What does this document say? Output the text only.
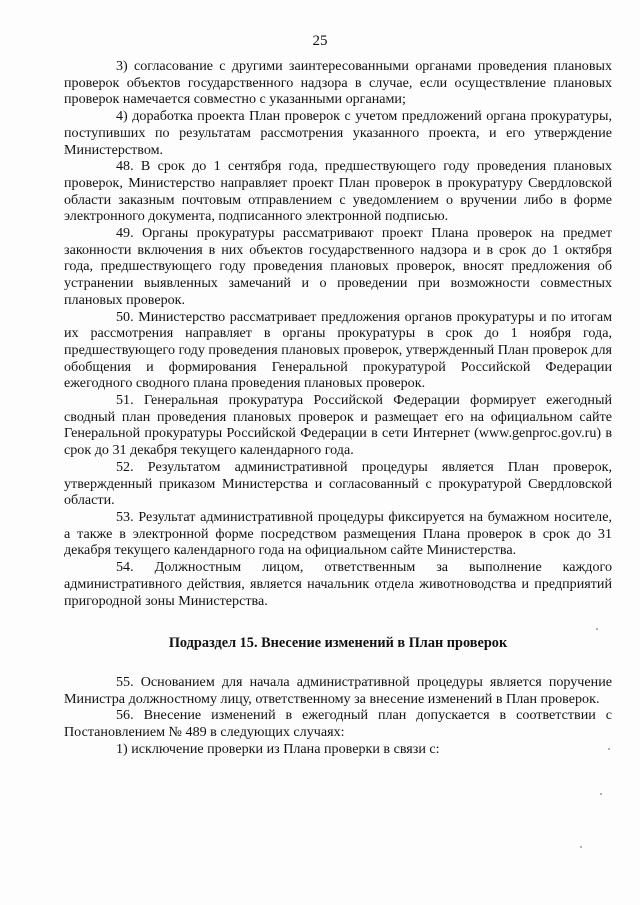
25

3) согласование с другими заинтересованными органами проведения плановых проверок объектов государственного надзора в случае, если осуществление плановых проверок намечается совместно с указанными органами;

4) доработка проекта План проверок с учетом предложений органа прокуратуры, поступивших по результатам рассмотрения указанного проекта, и его утверждение Министерством.

48. В срок до 1 сентября года, предшествующего году проведения плановых проверок, Министерство направляет проект План проверок в прокуратуру Свердловской области заказным почтовым отправлением с уведомлением о вручении либо в форме электронного документа, подписанного электронной подписью.

49. Органы прокуратуры рассматривают проект Плана проверок на предмет законности включения в них объектов государственного надзора и в срок до 1 октября года, предшествующего году проведения плановых проверок, вносят предложения об устранении выявленных замечаний и о проведении при возможности совместных плановых проверок.

50. Министерство рассматривает предложения органов прокуратуры и по итогам их рассмотрения направляет в органы прокуратуры в срок до 1 ноября года, предшествующего году проведения плановых проверок, утвержденный План проверок для обобщения и формирования Генеральной прокуратурой Российской Федерации ежегодного сводного плана проведения плановых проверок.

51. Генеральная прокуратура Российской Федерации формирует ежегодный сводный план проведения плановых проверок и размещает его на официальном сайте Генеральной прокуратуры Российской Федерации в сети Интернет (www.genproc.gov.ru) в срок до 31 декабря текущего календарного года.

52. Результатом административной процедуры является План проверок, утвержденный приказом Министерства и согласованный с прокуратурой Свердловской области.

53. Результат административной процедуры фиксируется на бумажном носителе, а также в электронной форме посредством размещения Плана проверок в срок до 31 декабря текущего календарного года на официальном сайте Министерства.

54. Должностным лицом, ответственным за выполнение каждого административного действия, является начальник отдела животноводства и предприятий пригородной зоны Министерства.

Подраздел 15. Внесение изменений в План проверок

55. Основанием для начала административной процедуры является поручение Министра должностному лицу, ответственному за внесение изменений в План проверок.

56. Внесение изменений в ежегодный план допускается в соответствии с Постановлением № 489 в следующих случаях:

1) исключение проверки из Плана проверки в связи с:
